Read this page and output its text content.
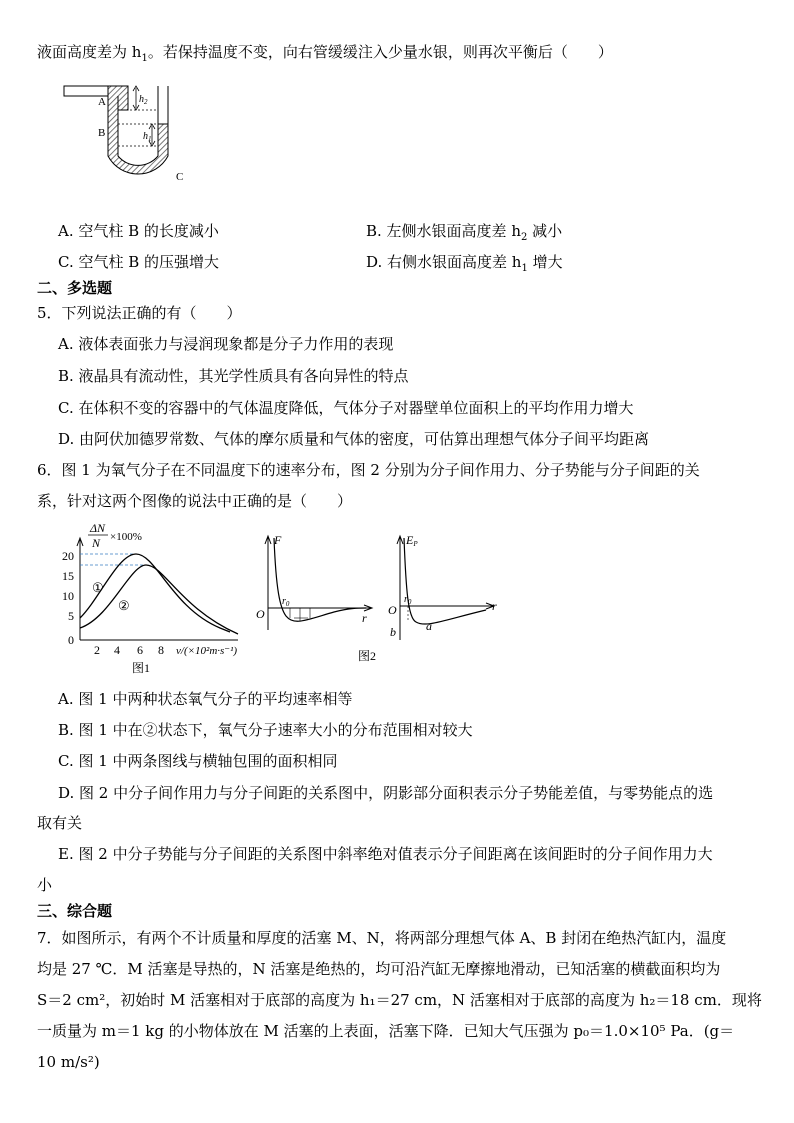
液面高度差为 $h_1$。若保持温度不变，向右管缓缓注入少量水银，则再次平衡后（　　）
A
B
C
$h_2$
$h_1$
A. 空气柱 B 的长度减小	B. 左侧水银面高度差 $h_2$ 减小
C. 空气柱 B 的压强增大	D. 右侧水银面高度差 $h_1$ 增大
二、多选题
5．下列说法正确的有（　　）
A. 液体表面张力与浸润现象都是分子力作用的表现
B. 液晶具有流动性，其光学性质具有各向异性的特点
C. 在体积不变的容器中的气体温度降低，气体分子对器壁单位面积上的平均作用力增大
D. 由阿伏加德罗常数、气体的摩尔质量和气体的密度，可估算出理想气体分子间平均距离
6．图 1 为氧气分子在不同温度下的速率分布，图 2 分别为分子间作用力、分子势能与分子间距的关
系，针对这两个图像的说法中正确的是（　　）
ΔN
N ×100%
20
15
10
5
0
①
②
2 4 6 8 v/(×10²m·s⁻¹)
图1
F
O
$r_0$
r
EP
O
$r_0$	r
a
b
图2
A. 图 1 中两种状态氧气分子的平均速率相等
B. 图 1 中在②状态下，氧气分子速率大小的分布范围相对较大
C. 图 1 中两条图线与横轴包围的面积相同
D. 图 2 中分子间作用力与分子间距的关系图中，阴影部分面积表示分子势能差值，与零势能点的选
取有关
E. 图 2 中分子势能与分子间距的关系图中斜率绝对值表示分子间距离在该间距时的分子间作用力大
小
三、综合题
7．如图所示，有两个不计质量和厚度的活塞 M、N，将两部分理想气体 A、B 封闭在绝热汽缸内，温度
均是 27 ℃．M 活塞是导热的，N 活塞是绝热的，均可沿汽缸无摩擦地滑动，已知活塞的横截面积均为
S＝2 cm²，初始时 M 活塞相对于底部的高度为 h₁＝27 cm，N 活塞相对于底部的高度为 h₂＝18 cm．现将
一质量为 m＝1 kg 的小物体放在 M 活塞的上表面，活塞下降．已知大气压强为 p₀＝1.0×10⁵ Pa．(g＝
10 m/s²)
